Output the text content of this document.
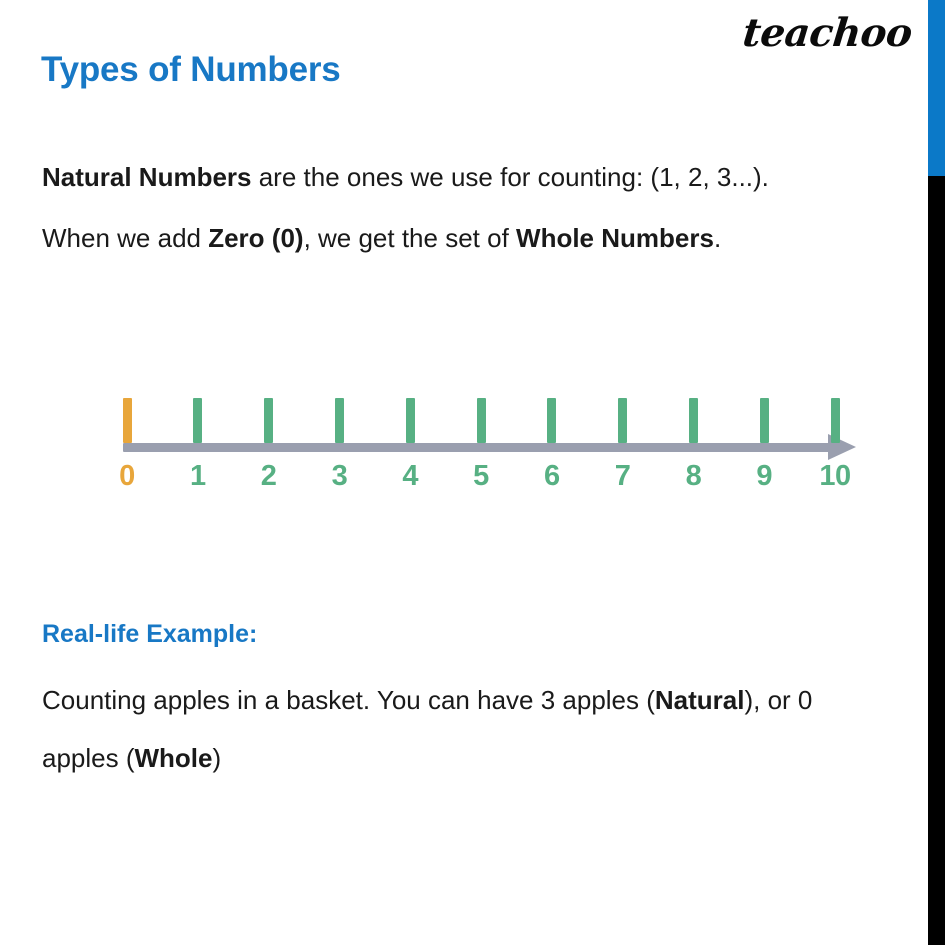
teachoo
Types of Numbers
Natural Numbers are the ones we use for counting: (1, 2, 3...).
When we add Zero (0), we get the set of Whole Numbers.
0	1	2	3	4	5	6	7	8	9	10
Real-life Example:
Counting apples in a basket. You can have 3 apples (Natural), or 0
apples (Whole)
